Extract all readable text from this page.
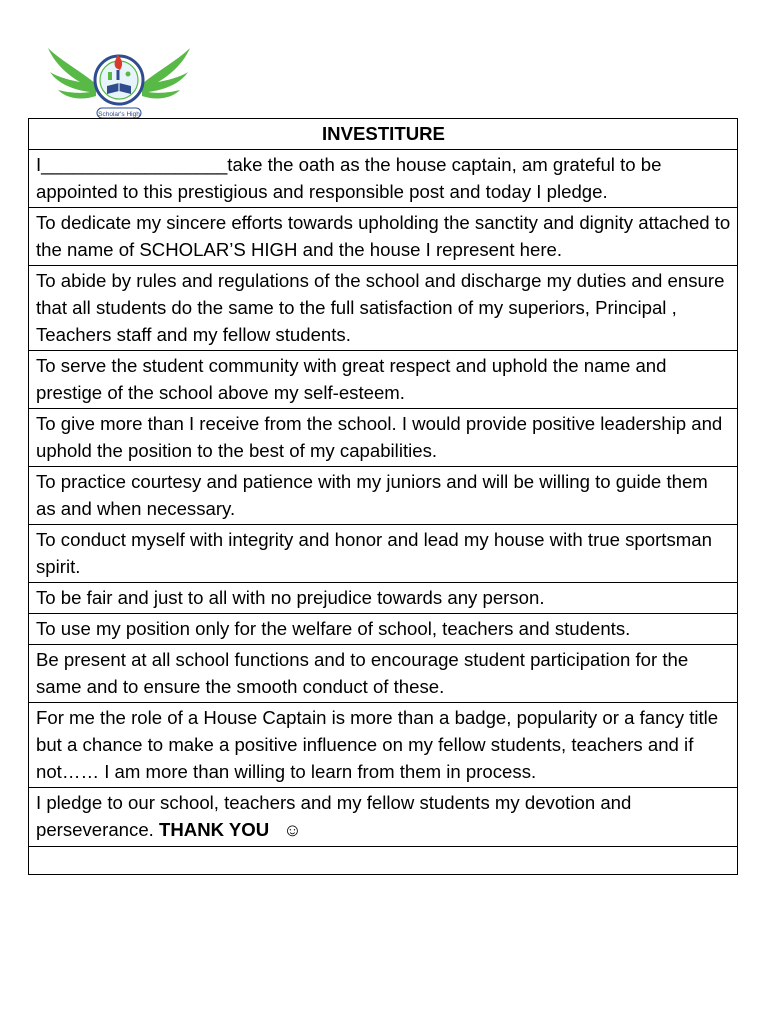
Scholar's High
INVESTITURE
I__________________take the oath as the house captain, am grateful to be appointed to this prestigious and responsible post and today I pledge.
To dedicate my sincere efforts towards upholding the sanctity and dignity attached to the name of SCHOLAR’S HIGH and the house I represent here.
To abide by rules and regulations of the school and discharge my duties and ensure that all students do the same to the full satisfaction of my superiors, Principal , Teachers staff and my fellow students.
To serve the student community with great respect and uphold the name and prestige of the school above my self-esteem.
To give more than I receive from the school. I would provide positive leadership and uphold the position to the best of my capabilities.
To practice courtesy and patience with my juniors and will be willing to guide them as and when necessary.
To conduct myself with integrity and honor and lead my house with true sportsman spirit.
To be fair and just to all with no prejudice towards any person.
To use my position only for the welfare of school, teachers and students.
Be present at all school functions and to encourage student participation for the same and to ensure the smooth conduct of these.
For me the role of a House Captain is more than a badge, popularity or a fancy title but a chance to make a positive influence on my fellow students, teachers and if not…… I am more than willing to learn from them in process.
I pledge to our school, teachers and my fellow students my devotion and perseverance. THANK YOU ☺
